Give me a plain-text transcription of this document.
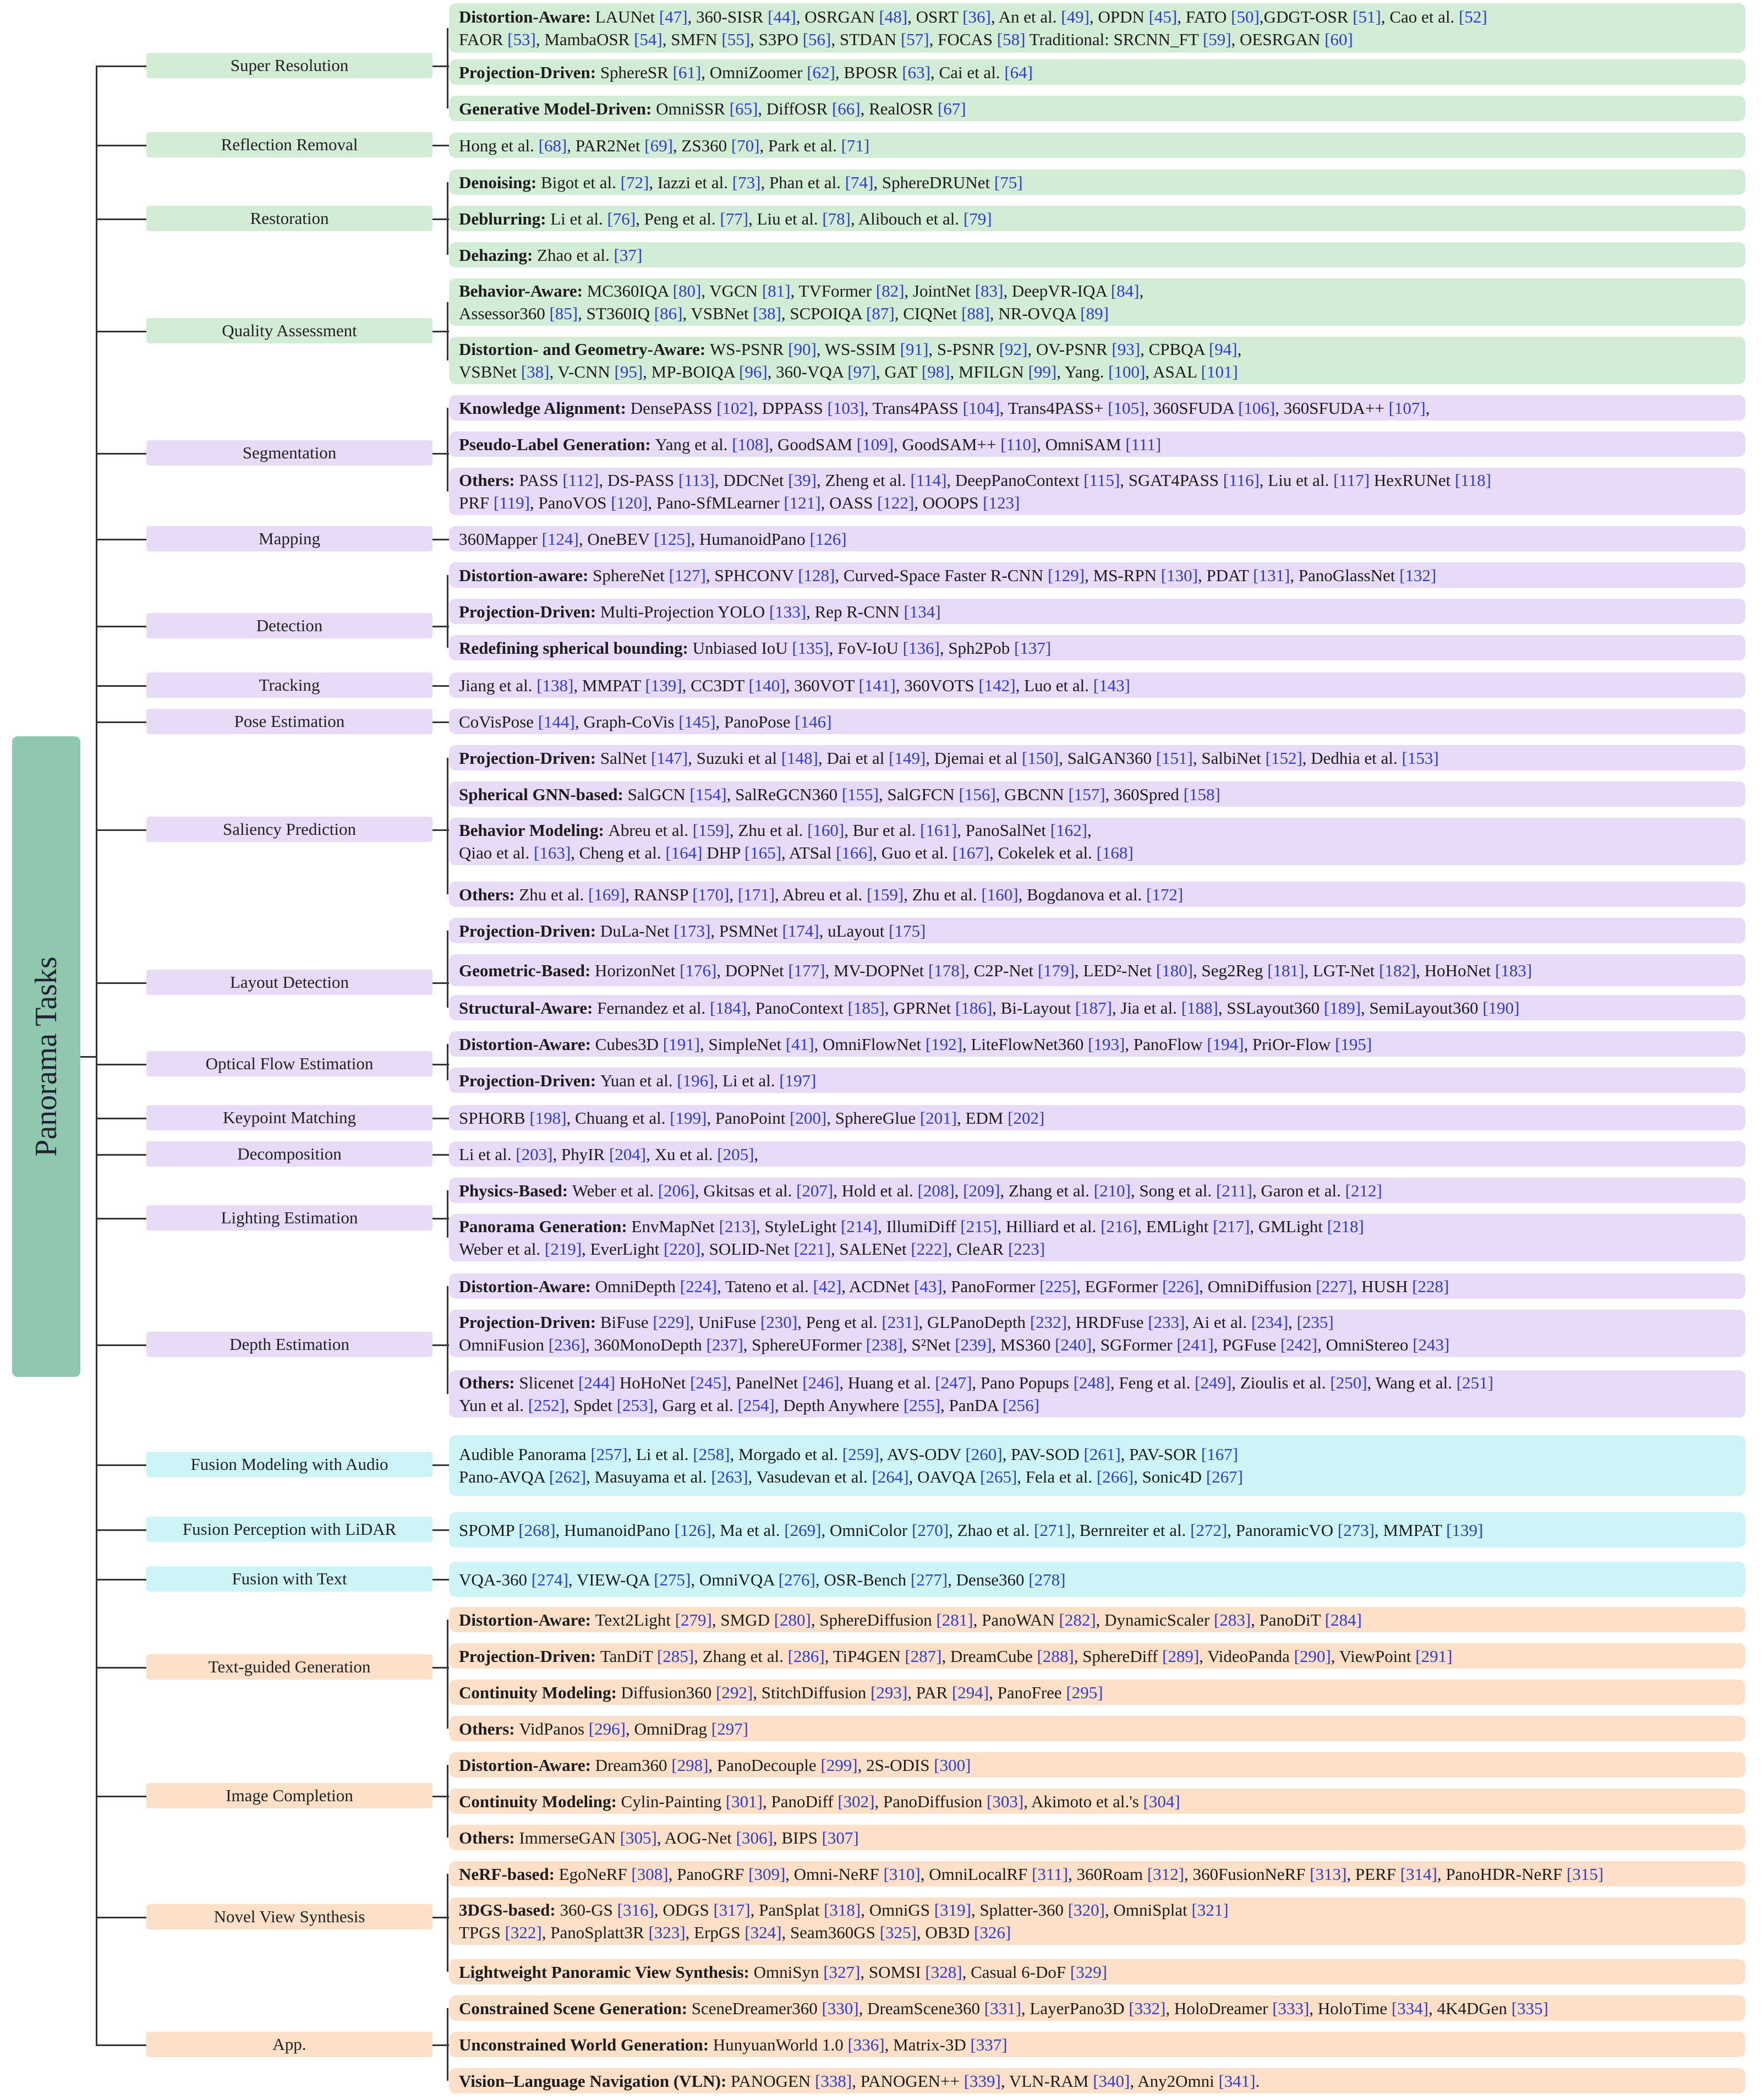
Panorama Tasks
Super Resolution
Distortion-Aware: LAUNet [47], 360-SISR [44], OSRGAN [48], OSRT [36], An et al. [49], OPDN [45], FATO [50],GDGT-OSR [51], Cao et al. [52]
FAOR [53], MambaOSR [54], SMFN [55], S3PO [56], STDAN [57], FOCAS [58] Traditional: SRCNN_FT [59], OESRGAN [60]
Projection-Driven: SphereSR [61], OmniZoomer [62], BPOSR [63], Cai et al. [64]
Generative Model-Driven: OmniSSR [65], DiffOSR [66], RealOSR [67]
Reflection Removal	Hong et al. [68], PAR2Net [69], ZS360 [70], Park et al. [71]
Restoration
Denoising: Bigot et al. [72], Iazzi et al. [73], Phan et al. [74], SphereDRUNet [75]
Deblurring: Li et al. [76], Peng et al. [77], Liu et al. [78], Alibouch et al. [79]
Dehazing: Zhao et al. [37]
Quality Assessment
Behavior-Aware: MC360IQA [80], VGCN [81], TVFormer [82], JointNet [83], DeepVR-IQA [84],
Assessor360 [85], ST360IQ [86], VSBNet [38], SCPOIQA [87], CIQNet [88], NR-OVQA [89]
Distortion- and Geometry-Aware: WS-PSNR [90], WS-SSIM [91], S-PSNR [92], OV-PSNR [93], CPBQA [94],
VSBNet [38], V-CNN [95], MP-BOIQA [96], 360-VQA [97], GAT [98], MFILGN [99], Yang. [100], ASAL [101]
Segmentation
Knowledge Alignment: DensePASS [102], DPPASS [103], Trans4PASS [104], Trans4PASS+ [105], 360SFUDA [106], 360SFUDA++ [107],
Pseudo-Label Generation: Yang et al. [108], GoodSAM [109], GoodSAM++ [110], OmniSAM [111]
Others: PASS [112], DS-PASS [113], DDCNet [39], Zheng et al. [114], DeepPanoContext [115], SGAT4PASS [116], Liu et al. [117] HexRUNet [118]
PRF [119], PanoVOS [120], Pano-SfMLearner [121], OASS [122], OOOPS [123]
Mapping	360Mapper [124], OneBEV [125], HumanoidPano [126]
Detection
Distortion-aware: SphereNet [127], SPHCONV [128], Curved-Space Faster R-CNN [129], MS-RPN [130], PDAT [131], PanoGlassNet [132]
Projection-Driven: Multi-Projection YOLO [133], Rep R-CNN [134]
Redefining spherical bounding: Unbiased IoU [135], FoV-IoU [136], Sph2Pob [137]
Tracking	Jiang et al. [138], MMPAT [139], CC3DT [140], 360VOT [141], 360VOTS [142], Luo et al. [143]
Pose Estimation	CoVisPose [144], Graph-CoVis [145], PanoPose [146]
Saliency Prediction
Projection-Driven: SalNet [147], Suzuki et al [148], Dai et al [149], Djemai et al [150], SalGAN360 [151], SalbiNet [152], Dedhia et al. [153]
Spherical GNN-based: SalGCN [154], SalReGCN360 [155], SalGFCN [156], GBCNN [157], 360Spred [158]
Behavior Modeling: Abreu et al. [159], Zhu et al. [160], Bur et al. [161], PanoSalNet [162],
Qiao et al. [163], Cheng et al. [164] DHP [165], ATSal [166], Guo et al. [167], Cokelek et al. [168]
Others: Zhu et al. [169], RANSP [170], [171], Abreu et al. [159], Zhu et al. [160], Bogdanova et al. [172]
Layout Detection
Projection-Driven: DuLa-Net [173], PSMNet [174], uLayout [175]
Geometric-Based: HorizonNet [176], DOPNet [177], MV-DOPNet [178], C2P-Net [179], LED²-Net [180], Seg2Reg [181], LGT-Net [182], HoHoNet [183]
Structural-Aware: Fernandez et al. [184], PanoContext [185], GPRNet [186], Bi-Layout [187], Jia et al. [188], SSLayout360 [189], SemiLayout360 [190]
Optical Flow Estimation
Distortion-Aware: Cubes3D [191], SimpleNet [41], OmniFlowNet [192], LiteFlowNet360 [193], PanoFlow [194], PriOr-Flow [195]
Projection-Driven: Yuan et al. [196], Li et al. [197]
Keypoint Matching	SPHORB [198], Chuang et al. [199], PanoPoint [200], SphereGlue [201], EDM [202]
Decomposition	Li et al. [203], PhyIR [204], Xu et al. [205],
Lighting Estimation
Physics-Based: Weber et al. [206], Gkitsas et al. [207], Hold et al. [208], [209], Zhang et al. [210], Song et al. [211], Garon et al. [212]
Panorama Generation: EnvMapNet [213], StyleLight [214], IllumiDiff [215], Hilliard et al. [216], EMLight [217], GMLight [218]
Weber et al. [219], EverLight [220], SOLID-Net [221], SALENet [222], CleAR [223]
Depth Estimation
Distortion-Aware: OmniDepth [224], Tateno et al. [42], ACDNet [43], PanoFormer [225], EGFormer [226], OmniDiffusion [227], HUSH [228]
Projection-Driven: BiFuse [229], UniFuse [230], Peng et al. [231], GLPanoDepth [232], HRDFuse [233], Ai et al. [234], [235]
OmniFusion [236], 360MonoDepth [237], SphereUFormer [238], S²Net [239], MS360 [240], SGFormer [241], PGFuse [242], OmniStereo [243]
Others: Slicenet [244] HoHoNet [245], PanelNet [246], Huang et al. [247], Pano Popups [248], Feng et al. [249], Zioulis et al. [250], Wang et al. [251]
Yun et al. [252], Spdet [253], Garg et al. [254], Depth Anywhere [255], PanDA [256]
Fusion Modeling with Audio
Audible Panorama [257], Li et al. [258], Morgado et al. [259], AVS-ODV [260], PAV-SOD [261], PAV-SOR [167]
Pano-AVQA [262], Masuyama et al. [263], Vasudevan et al. [264], OAVQA [265], Fela et al. [266], Sonic4D [267]
Fusion Perception with LiDAR	SPOMP [268], HumanoidPano [126], Ma et al. [269], OmniColor [270], Zhao et al. [271], Bernreiter et al. [272], PanoramicVO [273], MMPAT [139]
Fusion with Text	VQA-360 [274], VIEW-QA [275], OmniVQA [276], OSR-Bench [277], Dense360 [278]
Text-guided Generation
Distortion-Aware: Text2Light [279], SMGD [280], SphereDiffusion [281], PanoWAN [282], DynamicScaler [283], PanoDiT [284]
Projection-Driven: TanDiT [285], Zhang et al. [286], TiP4GEN [287], DreamCube [288], SphereDiff [289], VideoPanda [290], ViewPoint [291]
Continuity Modeling: Diffusion360 [292], StitchDiffusion [293], PAR [294], PanoFree [295]
Others: VidPanos [296], OmniDrag [297]
Image Completion
Distortion-Aware: Dream360 [298], PanoDecouple [299], 2S-ODIS [300]
Continuity Modeling: Cylin-Painting [301], PanoDiff [302], PanoDiffusion [303], Akimoto et al.'s [304]
Others: ImmerseGAN [305], AOG-Net [306], BIPS [307]
Novel View Synthesis
NeRF-based: EgoNeRF [308], PanoGRF [309], Omni-NeRF [310], OmniLocalRF [311], 360Roam [312], 360FusionNeRF [313], PERF [314], PanoHDR-NeRF [315]
3DGS-based: 360-GS [316], ODGS [317], PanSplat [318], OmniGS [319], Splatter-360 [320], OmniSplat [321]
TPGS [322], PanoSplatt3R [323], ErpGS [324], Seam360GS [325], OB3D [326]
Lightweight Panoramic View Synthesis: OmniSyn [327], SOMSI [328], Casual 6-DoF [329]
App.
Constrained Scene Generation: SceneDreamer360 [330], DreamScene360 [331], LayerPano3D [332], HoloDreamer [333], HoloTime [334], 4K4DGen [335]
Unconstrained World Generation: HunyuanWorld 1.0 [336], Matrix-3D [337]
Vision–Language Navigation (VLN): PANOGEN [338], PANOGEN++ [339], VLN-RAM [340], Any2Omni [341].
